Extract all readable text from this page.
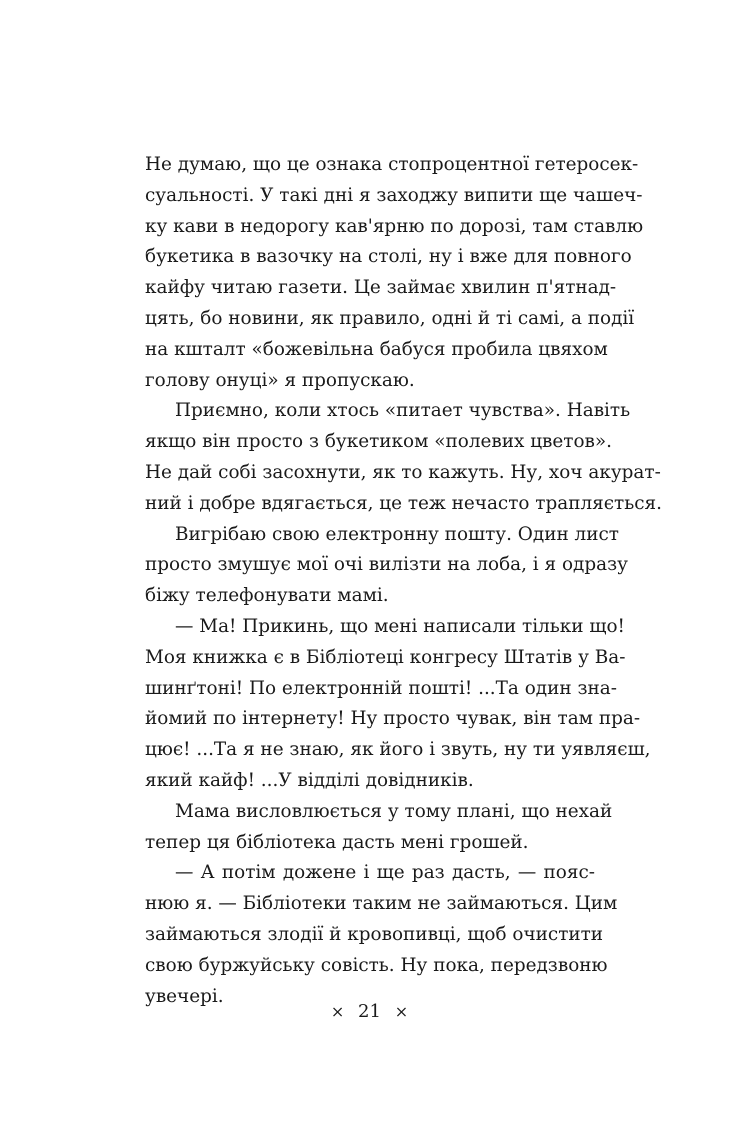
Не думаю, що це ознака стопроцентної гетеросек-
суальності. У такі дні я заходжу випити ще чашеч-
ку кави в недорогу кав'ярню по дорозі, там ставлю
букетика в вазочку на столі, ну і вже для повного
кайфу читаю газети. Це займає хвилин п'ятнад-
цять, бо новини, як правило, одні й ті самі, а події
на кшталт «божевільна бабуся пробила цвяхом
голову онуці» я пропускаю.
Приємно, коли хтось «питает чувства». Навіть
якщо він просто з букетиком «полевих цветов».
Не дай собі засохнути, як то кажуть. Ну, хоч акурат-
ний і добре вдягається, це теж нечасто трапляється.
Вигрібаю свою електронну пошту. Один лист
просто змушує мої очі вилізти на лоба, і я одразу
біжу телефонувати мамі.
— Ма! Прикинь, що мені написали тільки що!
Моя книжка є в Бібліотеці конгресу Штатів у Ва-
шинґтоні! По електронній пошті! ...Та один зна-
йомий по інтернету! Ну просто чувак, він там пра-
цює! ...Та я не знаю, як його і звуть, ну ти уявляєш,
який кайф! ...У відділі довідників.
Мама висловлюється у тому плані, що нехай
тепер ця бібліотека дасть мені грошей.
— А потім дожене і ще раз дасть, — пояс-
нюю я. — Бібліотеки таким не займаються. Цим
займаються злодії й кровопивці, щоб очистити
свою буржуйську совість. Ну пока, передзвоню
увечері.
× 21 ×
